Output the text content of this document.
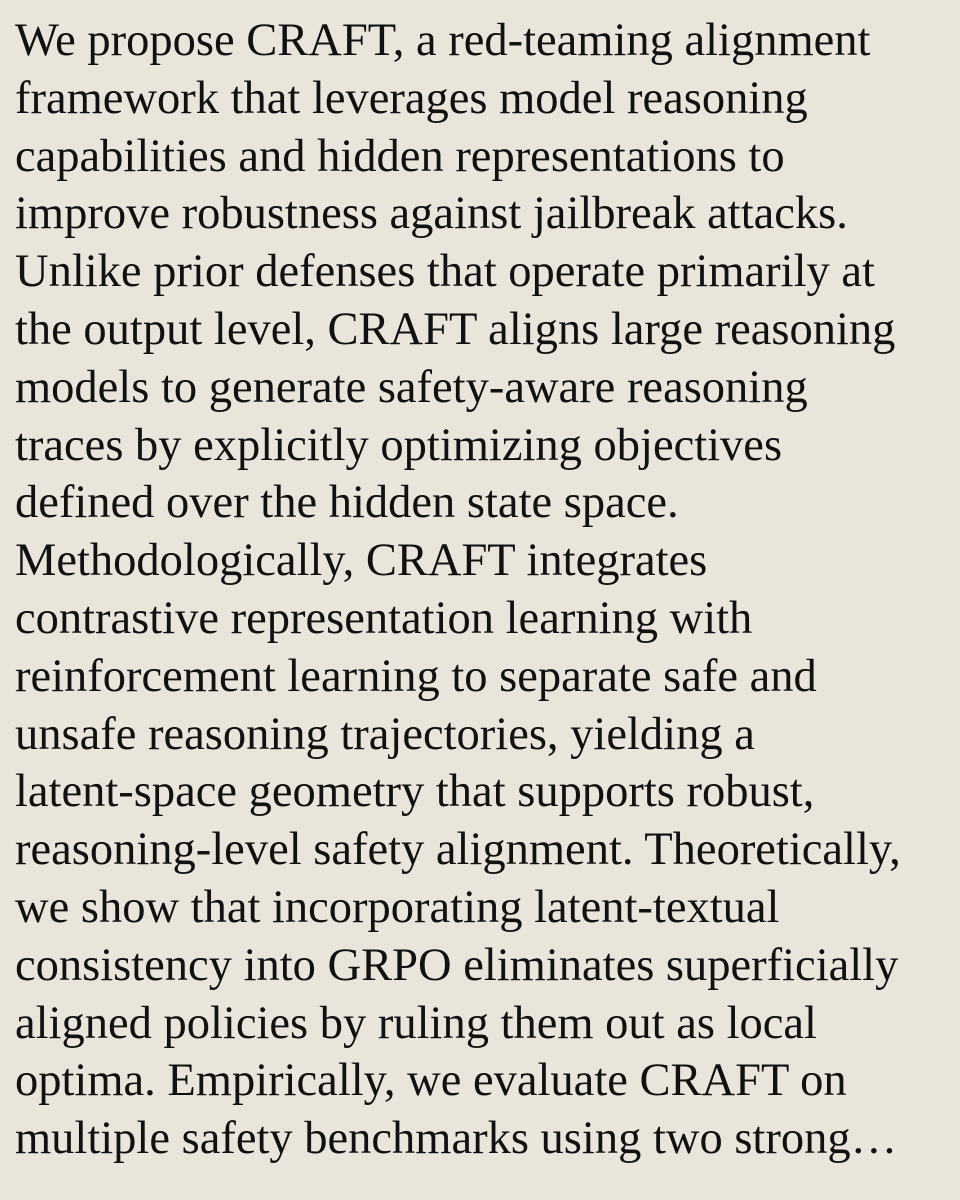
We propose CRAFT, a red-teaming alignment
framework that leverages model reasoning
capabilities and hidden representations to
improve robustness against jailbreak attacks.
Unlike prior defenses that operate primarily at
the output level, CRAFT aligns large reasoning
models to generate safety-aware reasoning
traces by explicitly optimizing objectives
defined over the hidden state space.
Methodologically, CRAFT integrates
contrastive representation learning with
reinforcement learning to separate safe and
unsafe reasoning trajectories, yielding a
latent-space geometry that supports robust,
reasoning-level safety alignment. Theoretically,
we show that incorporating latent-textual
consistency into GRPO eliminates superficially
aligned policies by ruling them out as local
optima. Empirically, we evaluate CRAFT on
multiple safety benchmarks using two strong…
